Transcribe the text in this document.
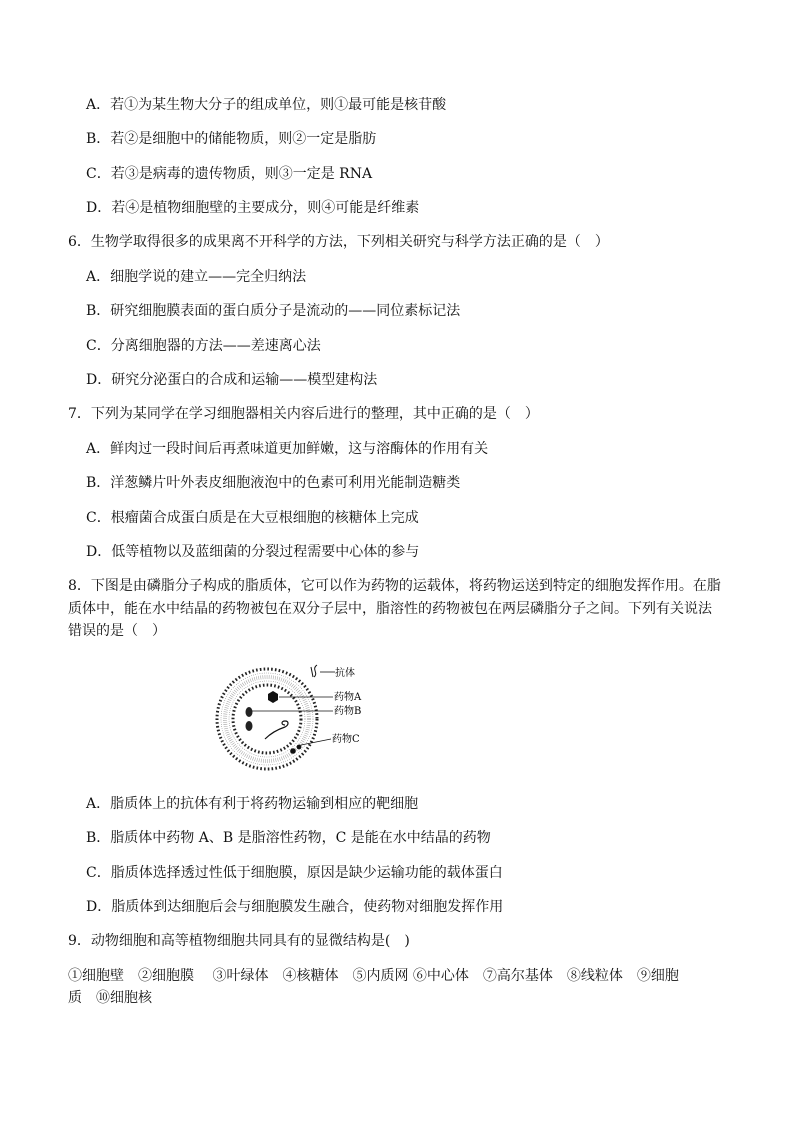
A．若①为某生物大分子的组成单位，则①最可能是核苷酸
B．若②是细胞中的储能物质，则②一定是脂肪
C．若③是病毒的遗传物质，则③一定是 RNA
D．若④是植物细胞壁的主要成分，则④可能是纤维素
6．生物学取得很多的成果离不开科学的方法，下列相关研究与科学方法正确的是（　）
A．细胞学说的建立——完全归纳法
B．研究细胞膜表面的蛋白质分子是流动的——同位素标记法
C．分离细胞器的方法——差速离心法
D．研究分泌蛋白的合成和运输——模型建构法
7．下列为某同学在学习细胞器相关内容后进行的整理，其中正确的是（　）
A．鲜肉过一段时间后再煮味道更加鲜嫩，这与溶酶体的作用有关
B．洋葱鳞片叶外表皮细胞液泡中的色素可利用光能制造糖类
C．根瘤菌合成蛋白质是在大豆根细胞的核糖体上完成
D．低等植物以及蓝细菌的分裂过程需要中心体的参与
8．下图是由磷脂分子构成的脂质体，它可以作为药物的运载体，将药物运送到特定的细胞发挥作用。在脂
质体中，能在水中结晶的药物被包在双分子层中，脂溶性的药物被包在两层磷脂分子之间。下列有关说法
错误的是（　）
抗体
药物A
药物B
药物C
A．脂质体上的抗体有利于将药物运输到相应的靶细胞
B．脂质体中药物 A、B 是脂溶性药物，C 是能在水中结晶的药物
C．脂质体选择透过性低于细胞膜，原因是缺少运输功能的载体蛋白
D．脂质体到达细胞后会与细胞膜发生融合，使药物对细胞发挥作用
9．动物细胞和高等植物细胞共同具有的显微结构是(　)
①细胞壁　②细胞膜　 ③叶绿体　④核糖体　⑤内质网 ⑥中心体　⑦高尔基体　⑧线粒体　⑨细胞
质　⑩细胞核
